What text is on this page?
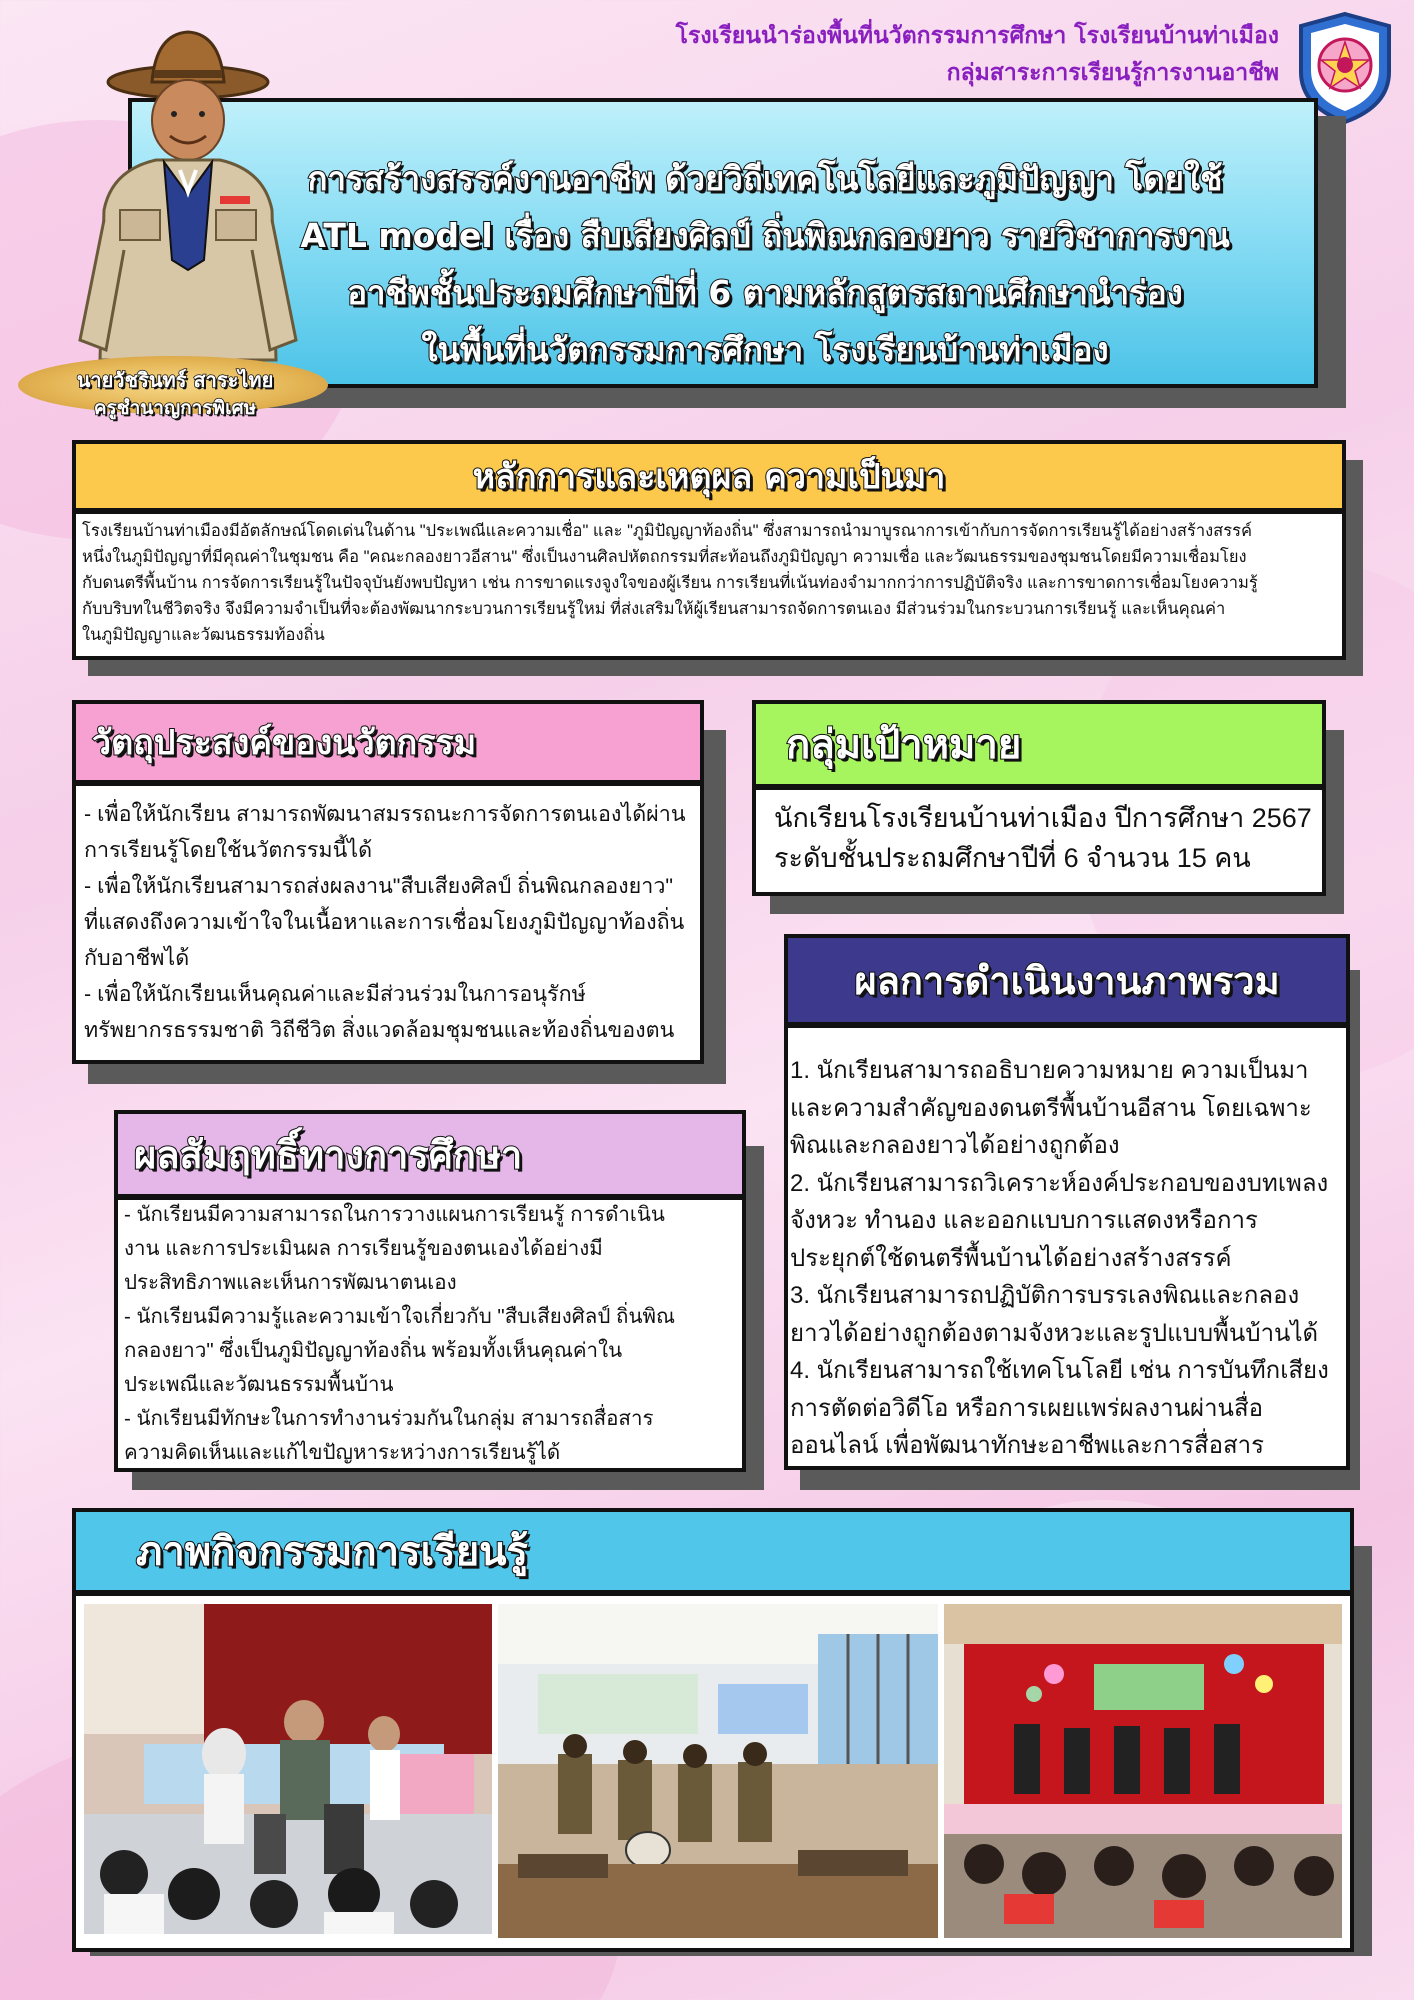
โรงเรียนนำร่องพื้นที่นวัตกรรมการศึกษา โรงเรียนบ้านท่าเมือง
กลุ่มสาระการเรียนรู้การงานอาชีพ
การสร้างสรรค์งานอาชีพ ด้วยวิถีเทคโนโลยีและภูมิปัญญา โดยใช้
ATL model เรื่อง สืบเสียงศิลป์ ถิ่นพิณกลองยาว รายวิชาการงาน
อาชีพชั้นประถมศึกษาปีที่ 6 ตามหลักสูตรสถานศึกษานำร่อง
ในพื้นที่นวัตกรรมการศึกษา โรงเรียนบ้านท่าเมือง
นายวัชรินทร์ สาระไทย
ครูชำนาญการพิเศษ
หลักการและเหตุผล ความเป็นมา
โรงเรียนบ้านท่าเมืองมีอัตลักษณ์โดดเด่นในด้าน "ประเพณีและความเชื่อ" และ "ภูมิปัญญาท้องถิ่น" ซึ่งสามารถนำมาบูรณาการเข้ากับการจัดการเรียนรู้ได้อย่างสร้างสรรค์
หนึ่งในภูมิปัญญาที่มีคุณค่าในชุมชน คือ "คณะกลองยาวอีสาน" ซึ่งเป็นงานศิลปหัตถกรรมที่สะท้อนถึงภูมิปัญญา ความเชื่อ และวัฒนธรรมของชุมชนโดยมีความเชื่อมโยง
กับดนตรีพื้นบ้าน การจัดการเรียนรู้ในปัจจุบันยังพบปัญหา เช่น การขาดแรงจูงใจของผู้เรียน การเรียนที่เน้นท่องจำมากกว่าการปฏิบัติจริง และการขาดการเชื่อมโยงความรู้
กับบริบทในชีวิตจริง จึงมีความจำเป็นที่จะต้องพัฒนากระบวนการเรียนรู้ใหม่ ที่ส่งเสริมให้ผู้เรียนสามารถจัดการตนเอง มีส่วนร่วมในกระบวนการเรียนรู้ และเห็นคุณค่า
ในภูมิปัญญาและวัฒนธรรมท้องถิ่น
วัตถุประสงค์ของนวัตกรรม
- เพื่อให้นักเรียน สามารถพัฒนาสมรรถนะการจัดการตนเองได้ผ่าน
การเรียนรู้โดยใช้นวัตกรรมนี้ได้
- เพื่อให้นักเรียนสามารถส่งผลงาน"สืบเสียงศิลป์ ถิ่นพิณกลองยาว"
ที่แสดงถึงความเข้าใจในเนื้อหาและการเชื่อมโยงภูมิปัญญาท้องถิ่น
กับอาชีพได้
- เพื่อให้นักเรียนเห็นคุณค่าและมีส่วนร่วมในการอนุรักษ์
ทรัพยากรธรรมชาติ วิถีชีวิต สิ่งแวดล้อมชุมชนและท้องถิ่นของตน
กลุ่มเป้าหมาย
นักเรียนโรงเรียนบ้านท่าเมือง ปีการศึกษา 2567
ระดับชั้นประถมศึกษาปีที่ 6 จำนวน 15 คน
ผลการดำเนินงานภาพรวม
1. นักเรียนสามารถอธิบายความหมาย ความเป็นมา
และความสำคัญของดนตรีพื้นบ้านอีสาน โดยเฉพาะ
พิณและกลองยาวได้อย่างถูกต้อง
2. นักเรียนสามารถวิเคราะห์องค์ประกอบของบทเพลง
จังหวะ ทำนอง และออกแบบการแสดงหรือการ
ประยุกต์ใช้ดนตรีพื้นบ้านได้อย่างสร้างสรรค์
3. นักเรียนสามารถปฏิบัติการบรรเลงพิณและกลอง
ยาวได้อย่างถูกต้องตามจังหวะและรูปแบบพื้นบ้านได้
4. นักเรียนสามารถใช้เทคโนโลยี เช่น การบันทึกเสียง
การตัดต่อวิดีโอ หรือการเผยแพร่ผลงานผ่านสื่อ
ออนไลน์ เพื่อพัฒนาทักษะอาชีพและการสื่อสาร
ผลสัมฤทธิ์ทางการศึกษา
- นักเรียนมีความสามารถในการวางแผนการเรียนรู้ การดำเนิน
งาน และการประเมินผล การเรียนรู้ของตนเองได้อย่างมี
ประสิทธิภาพและเห็นการพัฒนาตนเอง
- นักเรียนมีความรู้และความเข้าใจเกี่ยวกับ "สืบเสียงศิลป์ ถิ่นพิณ
กลองยาว" ซึ่งเป็นภูมิปัญญาท้องถิ่น พร้อมทั้งเห็นคุณค่าใน
ประเพณีและวัฒนธรรมพื้นบ้าน
- นักเรียนมีทักษะในการทำงานร่วมกันในกลุ่ม สามารถสื่อสาร
ความคิดเห็นและแก้ไขปัญหาระหว่างการเรียนรู้ได้
ภาพกิจกรรมการเรียนรู้
